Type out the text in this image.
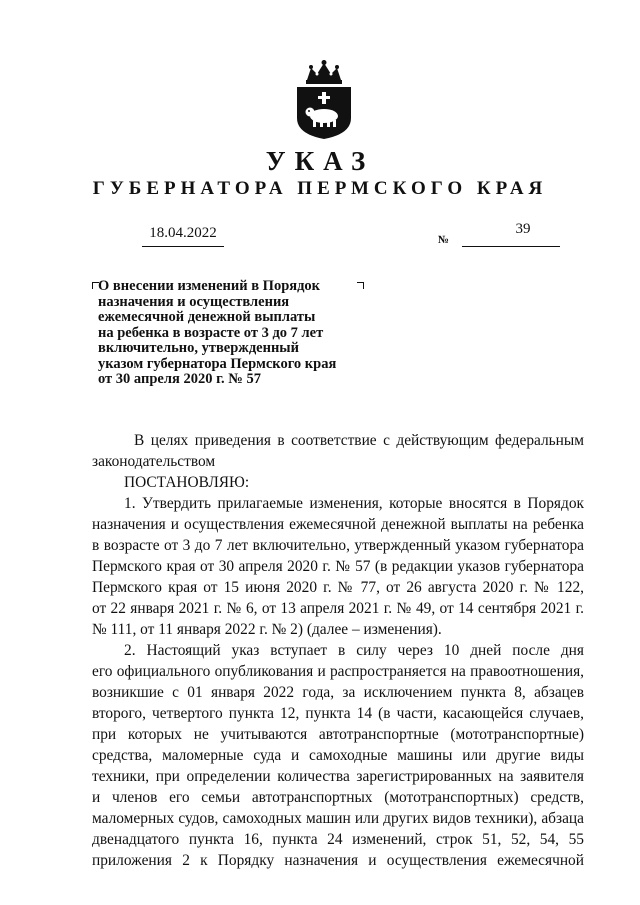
УКАЗ
ГУБЕРНАТОРА ПЕРМСКОГО КРАЯ
18.04.2022	№
39
О внесении изменений в Порядок
назначения и осуществления
ежемесячной денежной выплаты
на ребенка в возрасте от 3 до 7 лет
включительно, утвержденный
указом губернатора Пермского края
от 30 апреля 2020 г. № 57
В целях приведения в соответствие с действующим федеральным
законодательством
ПОСТАНОВЛЯЮ:
1. Утвердить прилагаемые изменения, которые вносятся в Порядок
назначения и осуществления ежемесячной денежной выплаты на ребенка
в возрасте от 3 до 7 лет включительно, утвержденный указом губернатора
Пермского края от 30 апреля 2020 г. № 57 (в редакции указов губернатора
Пермского края от 15 июня 2020 г. № 77, от 26 августа 2020 г. № 122,
от 22 января 2021 г. № 6, от 13 апреля 2021 г. № 49, от 14 сентября 2021 г.
№ 111, от 11 января 2022 г. № 2) (далее – изменения).
2. Настоящий указ вступает в силу через 10 дней после дня
его официального опубликования и распространяется на правоотношения,
возникшие с 01 января 2022 года, за исключением пункта 8, абзацев
второго, четвертого пункта 12, пункта 14 (в части, касающейся случаев,
при которых не учитываются автотранспортные (мототранспортные)
средства, маломерные суда и самоходные машины или другие виды
техники, при определении количества зарегистрированных на заявителя
и членов его семьи автотранспортных (мототранспортных) средств,
маломерных судов, самоходных машин или других видов техники), абзаца
двенадцатого пункта 16, пункта 24 изменений, строк 51, 52, 54, 55
приложения 2 к Порядку назначения и осуществления ежемесячной
